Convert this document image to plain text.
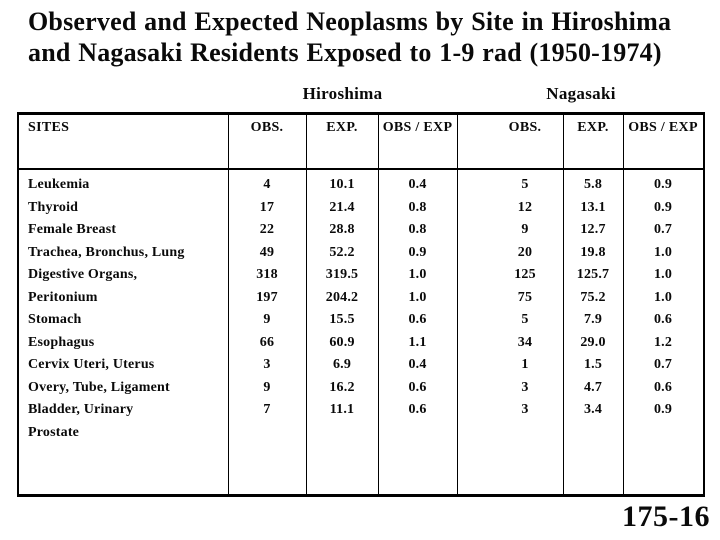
Observed and Expected Neoplasms by Site in Hiroshima
and Nagasaki Residents Exposed to 1-9 rad (1950-1974)
Hiroshima	Nagasaki
SITES	OBS.	EXP.	OBS / EXP	OBS.	EXP.	OBS / EXP
Leukemia	4	10.1	0.4	5	5.8	0.9
Thyroid	17	21.4	0.8	12	13.1	0.9
Female Breast	22	28.8	0.8	9	12.7	0.7
Trachea, Bronchus, Lung	49	52.2	0.9	20	19.8	1.0
Digestive Organs,	318	319.5	1.0	125	125.7	1.0
Peritonium	197	204.2	1.0	75	75.2	1.0
Stomach	9	15.5	0.6	5	7.9	0.6
Esophagus	66	60.9	1.1	34	29.0	1.2
Cervix Uteri, Uterus	3	6.9	0.4	1	1.5	0.7
Overy, Tube, Ligament	9	16.2	0.6	3	4.7	0.6
Bladder, Urinary	7	11.1	0.6	3	3.4	0.9
Prostate
175-16
